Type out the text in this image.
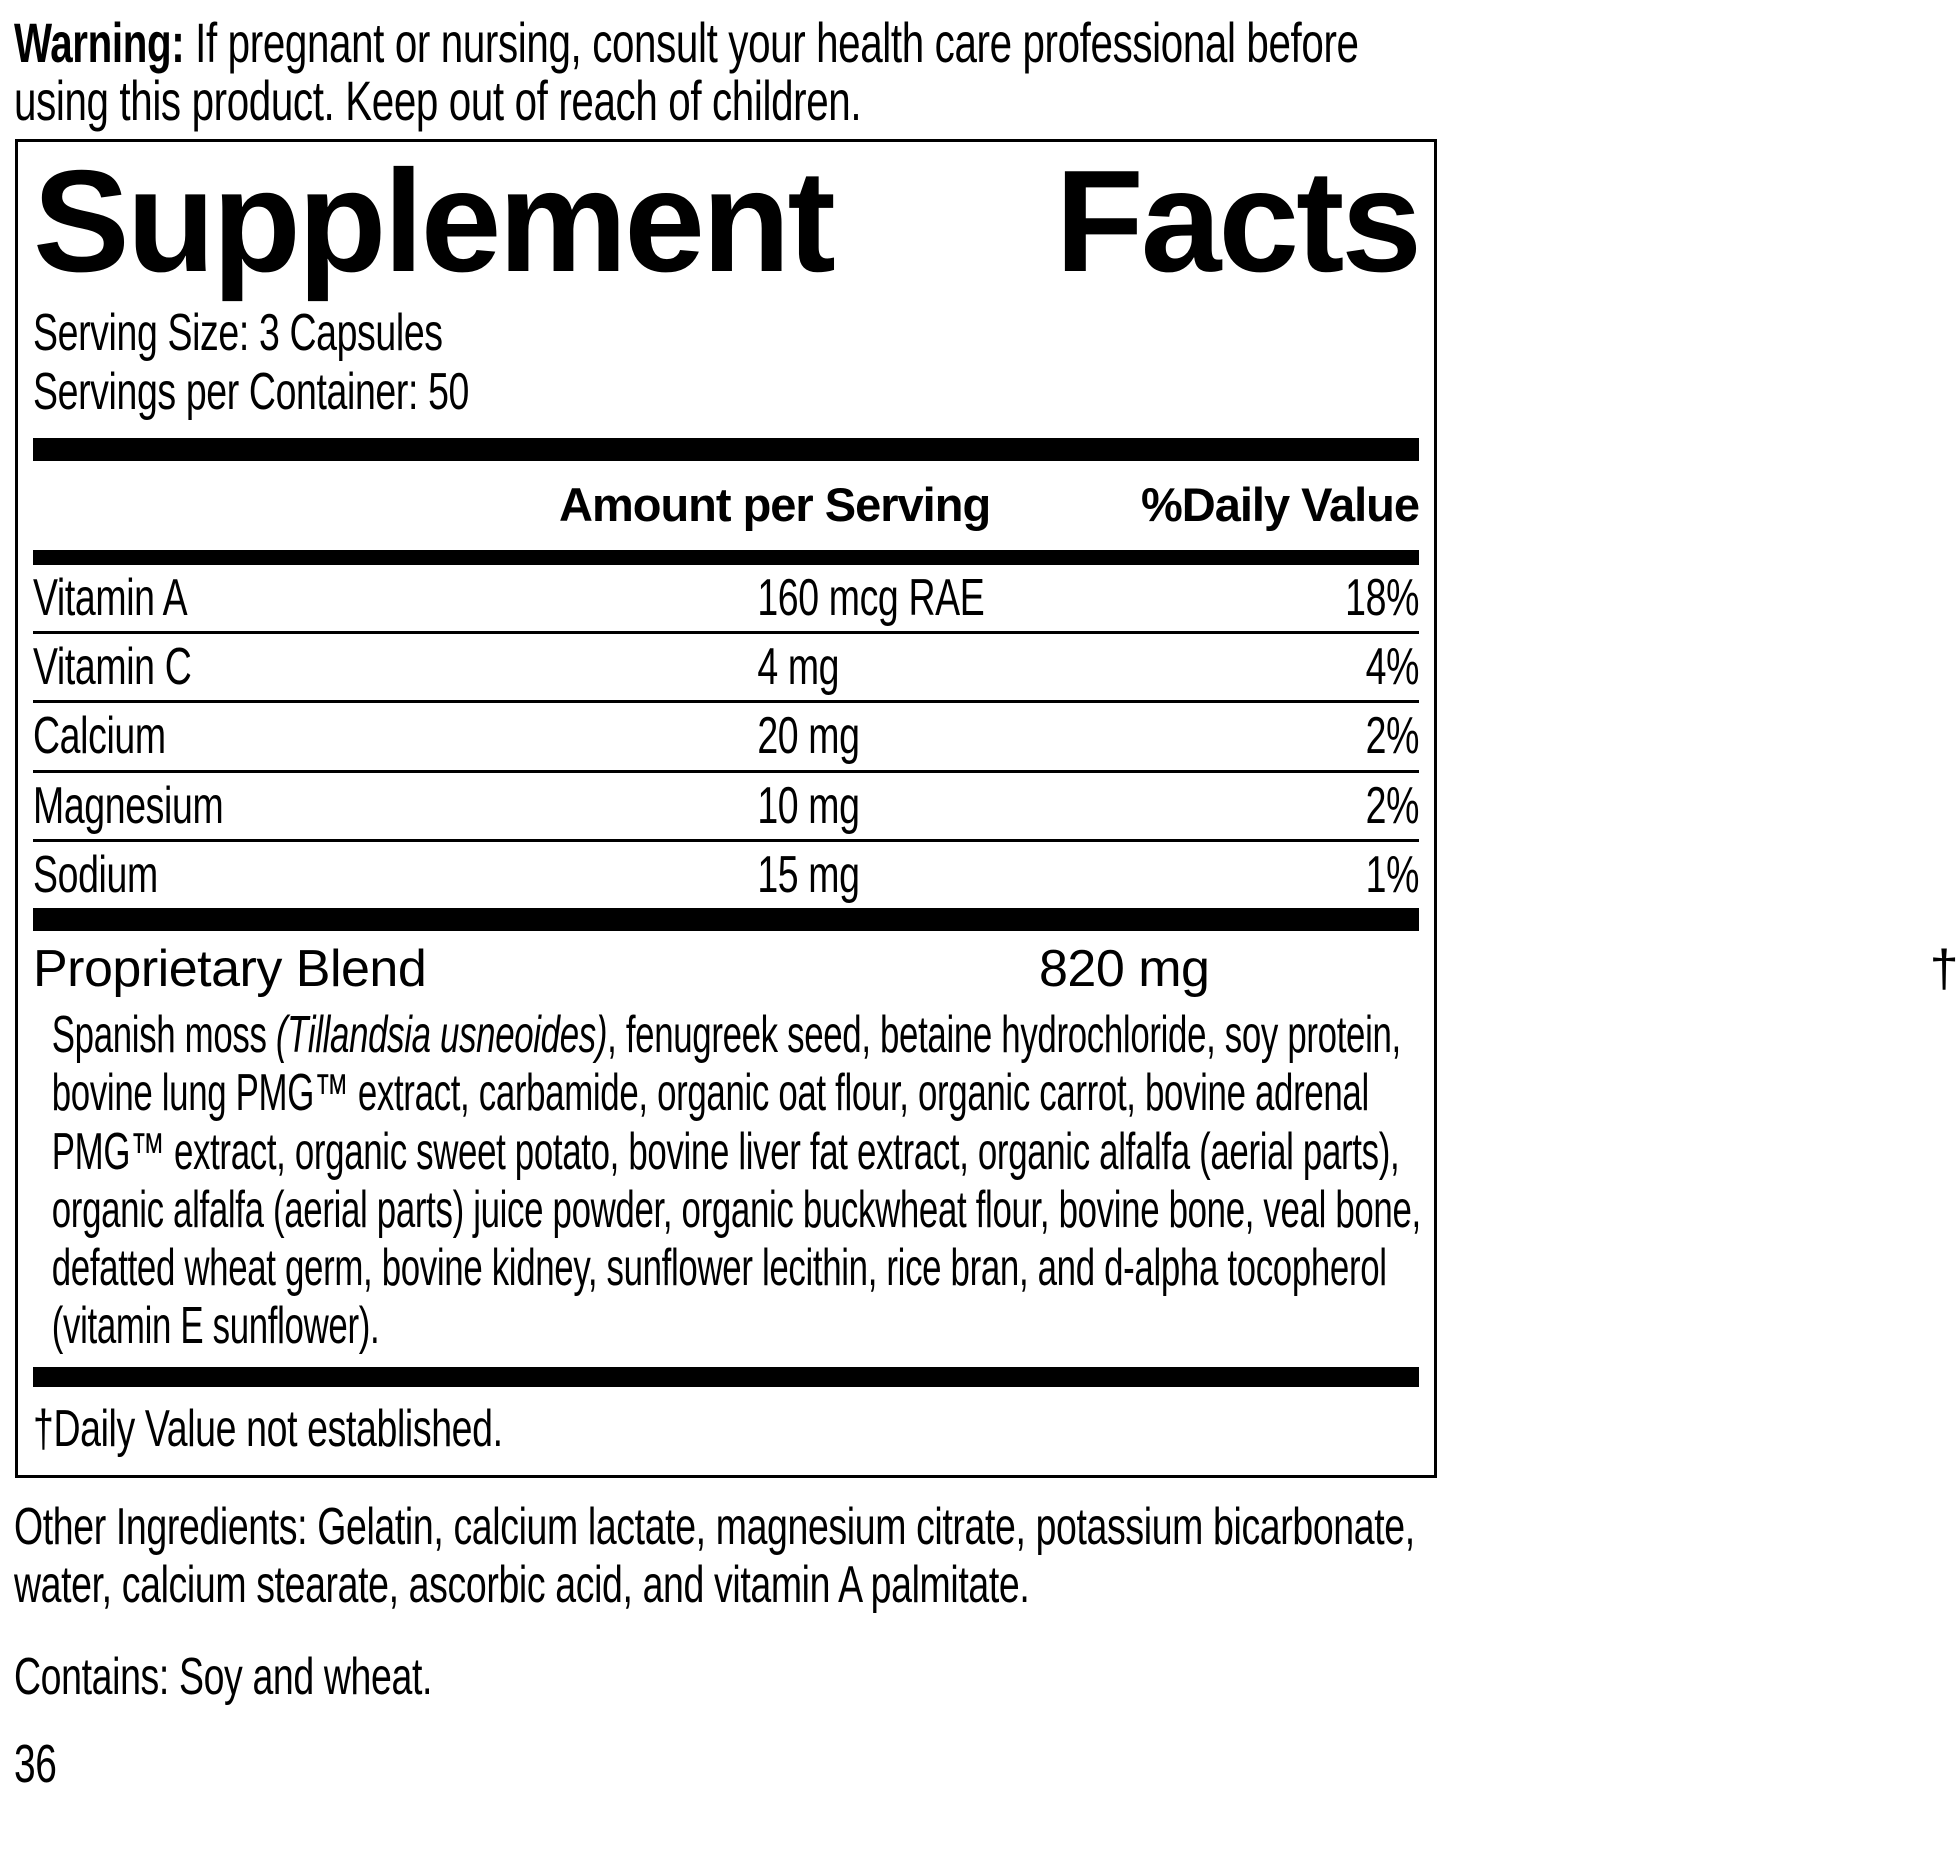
Warning: If pregnant or nursing, consult your health care professional before using this product. Keep out of reach of children.

Supplement Facts
Serving Size: 3 Capsules
Servings per Container: 50
Amount per Serving	%Daily Value
Vitamin A	160 mcg RAE	18%
Vitamin C	4 mg	4%
Calcium	20 mg	2%
Magnesium	10 mg	2%
Sodium	15 mg	1%
Proprietary Blend	820 mg	†

Spanish moss (Tillandsia usneoides), fenugreek seed, betaine hydrochloride, soy protein, bovine lung PMG™ extract, carbamide, organic oat flour, organic carrot, bovine adrenal PMG™ extract, organic sweet potato, bovine liver fat extract, organic alfalfa (aerial parts), organic alfalfa (aerial parts) juice powder, organic buckwheat flour, bovine bone, veal bone, defatted wheat germ, bovine kidney, sunflower lecithin, rice bran, and d-alpha tocopherol (vitamin E sunflower).

†Daily Value not established.

Other Ingredients: Gelatin, calcium lactate, magnesium citrate, potassium bicarbonate, water, calcium stearate, ascorbic acid, and vitamin A palmitate.

Contains: Soy and wheat.

36
